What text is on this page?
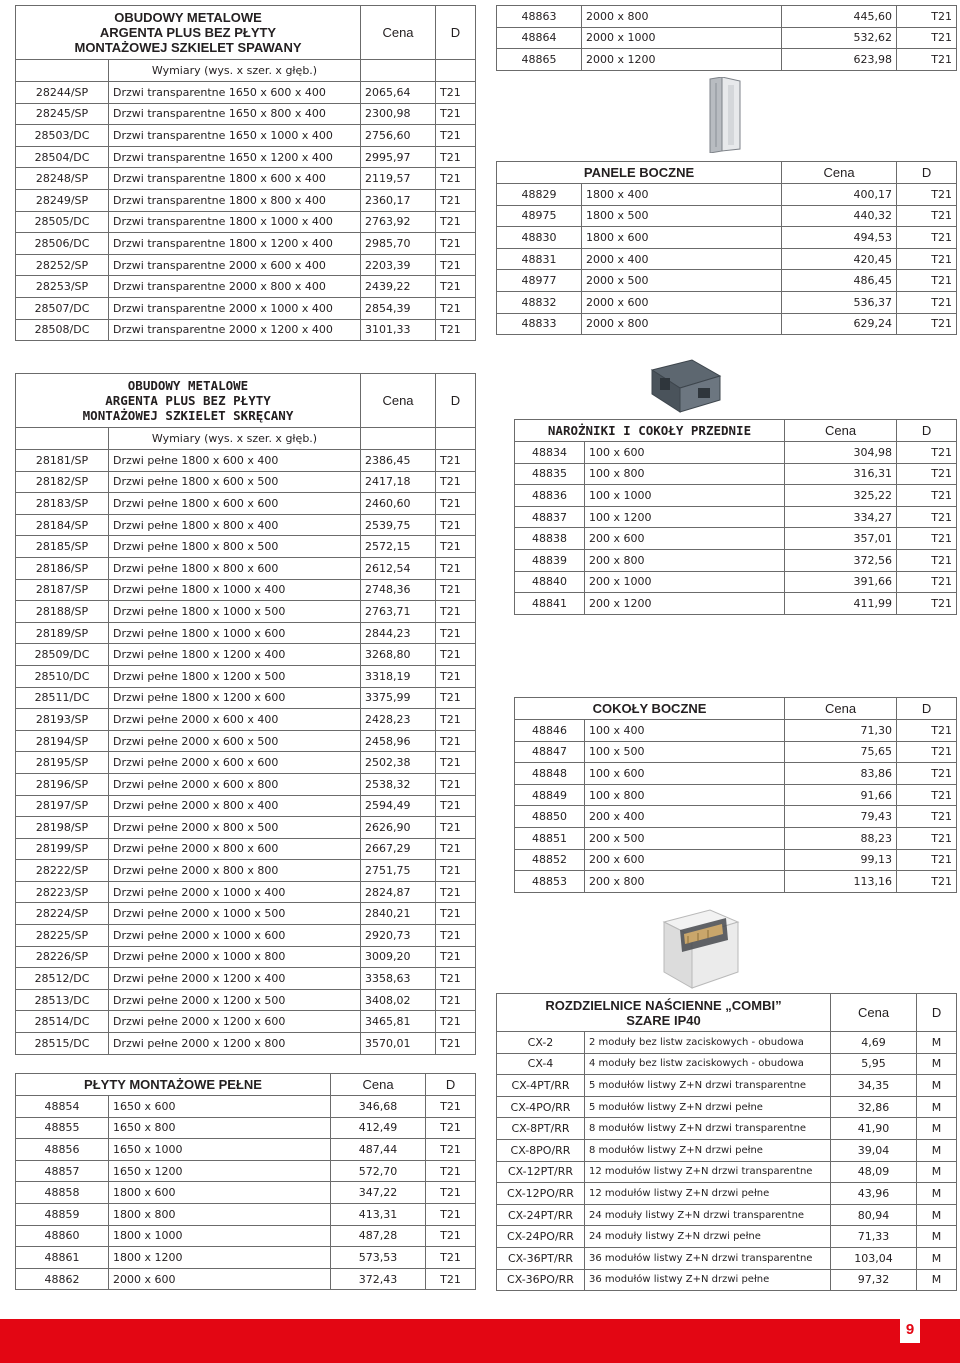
OBUDOWY METALOWE
ARGENTA PLUS BEZ PŁYTY
MONTAŻOWEJ SZKIELET SPAWANY		Cena	D
	Wymiary (wys. x szer. x głęb.)		
28244/SP	Drzwi transparentne 1650 x 600 x 400	2065,64	T21
28245/SP	Drzwi transparentne 1650 x 800 x 400	2300,98	T21
28503/DC	Drzwi transparentne 1650 x 1000 x 400	2756,60	T21
28504/DC	Drzwi transparentne 1650 x 1200 x 400	2995,97	T21
28248/SP	Drzwi transparentne 1800 x 600 x 400	2119,57	T21
28249/SP	Drzwi transparentne 1800 x 800 x 400	2360,17	T21
28505/DC	Drzwi transparentne 1800 x 1000 x 400	2763,92	T21
28506/DC	Drzwi transparentne 1800 x 1200 x 400	2985,70	T21
28252/SP	Drzwi transparentne 2000 x 600 x 400	2203,39	T21
28253/SP	Drzwi transparentne 2000 x 800 x 400	2439,22	T21
28507/DC	Drzwi transparentne 2000 x 1000 x 400	2854,39	T21
28508/DC	Drzwi transparentne 2000 x 1200 x 400	3101,33	T21
48863	2000 x 800	445,60	T21
48864	2000 x 1000	532,62	T21
48865	2000 x 1200	623,98	T21
PANELE BOCZNE		Cena	D
48829	1800 x 400	400,17	T21
48975	1800 x 500	440,32	T21
48830	1800 x 600	494,53	T21
48831	2000 x 400	420,45	T21
48977	2000 x 500	486,45	T21
48832	2000 x 600	536,37	T21
48833	2000 x 800	629,24	T21
OBUDOWY METALOWE
ARGENTA PLUS BEZ PŁYTY
MONTAŻOWEJ SZKIELET SKRĘCANY		Cena	D
	Wymiary (wys. x szer. x głęb.)		
28181/SP	Drzwi pełne 1800 x 600 x 400	2386,45	T21
28182/SP	Drzwi pełne 1800 x 600 x 500	2417,18	T21
28183/SP	Drzwi pełne 1800 x 600 x 600	2460,60	T21
28184/SP	Drzwi pełne 1800 x 800 x 400	2539,75	T21
28185/SP	Drzwi pełne 1800 x 800 x 500	2572,15	T21
28186/SP	Drzwi pełne 1800 x 800 x 600	2612,54	T21
28187/SP	Drzwi pełne 1800 x 1000 x 400	2748,36	T21
28188/SP	Drzwi pełne 1800 x 1000 x 500	2763,71	T21
28189/SP	Drzwi pełne 1800 x 1000 x 600	2844,23	T21
28509/DC	Drzwi pełne 1800 x 1200 x 400	3268,80	T21
28510/DC	Drzwi pełne 1800 x 1200 x 500	3318,19	T21
28511/DC	Drzwi pełne 1800 x 1200 x 600	3375,99	T21
28193/SP	Drzwi pełne 2000 x 600 x 400	2428,23	T21
28194/SP	Drzwi pełne 2000 x 600 x 500	2458,96	T21
28195/SP	Drzwi pełne 2000 x 600 x 600	2502,38	T21
28196/SP	Drzwi pełne 2000 x 600 x 800	2538,32	T21
28197/SP	Drzwi pełne 2000 x 800 x 400	2594,49	T21
28198/SP	Drzwi pełne 2000 x 800 x 500	2626,90	T21
28199/SP	Drzwi pełne 2000 x 800 x 600	2667,29	T21
28222/SP	Drzwi pełne 2000 x 800 x 800	2751,75	T21
28223/SP	Drzwi pełne 2000 x 1000 x 400	2824,87	T21
28224/SP	Drzwi pełne 2000 x 1000 x 500	2840,21	T21
28225/SP	Drzwi pełne 2000 x 1000 x 600	2920,73	T21
28226/SP	Drzwi pełne 2000 x 1000 x 800	3009,20	T21
28512/DC	Drzwi pełne 2000 x 1200 x 400	3358,63	T21
28513/DC	Drzwi pełne 2000 x 1200 x 500	3408,02	T21
28514/DC	Drzwi pełne 2000 x 1200 x 600	3465,81	T21
28515/DC	Drzwi pełne 2000 x 1200 x 800	3570,01	T21
NAROŻNIKI I COKOŁY PRZEDNIE		Cena	D
48834	100 x 600	304,98	T21
48835	100 x 800	316,31	T21
48836	100 x 1000	325,22	T21
48837	100 x 1200	334,27	T21
48838	200 x 600	357,01	T21
48839	200 x 800	372,56	T21
48840	200 x 1000	391,66	T21
48841	200 x 1200	411,99	T21
COKOŁY BOCZNE		Cena	D
48846	100 x 400	71,30	T21
48847	100 x 500	75,65	T21
48848	100 x 600	83,86	T21
48849	100 x 800	91,66	T21
48850	200 x 400	79,43	T21
48851	200 x 500	88,23	T21
48852	200 x 600	99,13	T21
48853	200 x 800	113,16	T21
ROZDZIELNICE NAŚCIENNE „COMBI”
SZARE IP40		Cena	D
CX-2	2 moduły bez listw zaciskowych - obudowa	4,69	M
CX-4	4 moduły bez listw zaciskowych - obudowa	5,95	M
CX-4PT/RR	5 modułów listwy Z+N drzwi transparentne	34,35	M
CX-4PO/RR	5 modułów listwy Z+N drzwi pełne	32,86	M
CX-8PT/RR	8 modułów listwy Z+N drzwi transparentne	41,90	M
CX-8PO/RR	8 modułów listwy Z+N drzwi pełne	39,04	M
CX-12PT/RR	12 modułów listwy Z+N drzwi transparentne	48,09	M
CX-12PO/RR	12 modułów listwy Z+N drzwi pełne	43,96	M
CX-24PT/RR	24 moduły listwy Z+N drzwi transparentne	80,94	M
CX-24PO/RR	24 moduły listwy Z+N drzwi pełne	71,33	M
CX-36PT/RR	36 modułów listwy Z+N drzwi transparentne	103,04	M
CX-36PO/RR	36 modułów listwy Z+N drzwi pełne	97,32	M
PŁYTY MONTAŻOWE PEŁNE		Cena	D
48854	1650 x 600	346,68	T21
48855	1650 x 800	412,49	T21
48856	1650 x 1000	487,44	T21
48857	1650 x 1200	572,70	T21
48858	1800 x 600	347,22	T21
48859	1800 x 800	413,31	T21
48860	1800 x 1000	487,28	T21
48861	1800 x 1200	573,53	T21
48862	2000 x 600	372,43	T21
9
